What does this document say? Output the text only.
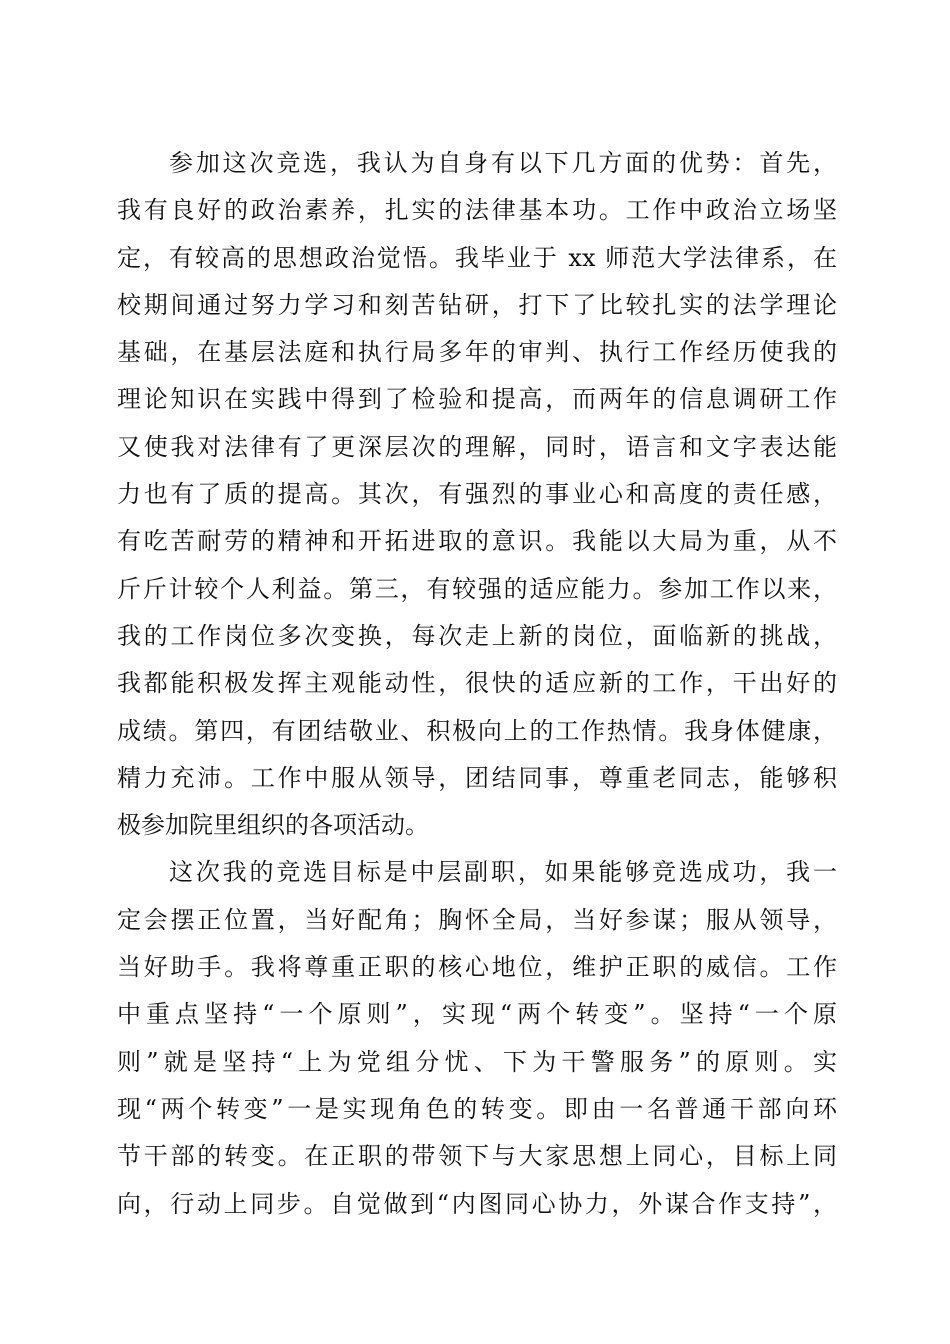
参加这次竞选，我认为自身有以下几方面的优势：首先，
我有良好的政治素养，扎实的法律基本功。工作中政治立场坚
定，有较高的思想政治觉悟。我毕业于 xx 师范大学法律系，在
校期间通过努力学习和刻苦钻研，打下了比较扎实的法学理论
基础，在基层法庭和执行局多年的审判、执行工作经历使我的
理论知识在实践中得到了检验和提高，而两年的信息调研工作
又使我对法律有了更深层次的理解，同时，语言和文字表达能
力也有了质的提高。其次，有强烈的事业心和高度的责任感，
有吃苦耐劳的精神和开拓进取的意识。我能以大局为重，从不
斤斤计较个人利益。第三，有较强的适应能力。参加工作以来，
我的工作岗位多次变换，每次走上新的岗位，面临新的挑战，
我都能积极发挥主观能动性，很快的适应新的工作，干出好的
成绩。第四，有团结敬业、积极向上的工作热情。我身体健康，
精力充沛。工作中服从领导，团结同事，尊重老同志，能够积
极参加院里组织的各项活动。
这次我的竞选目标是中层副职，如果能够竞选成功，我一
定会摆正位置，当好配角；胸怀全局，当好参谋；服从领导，
当好助手。我将尊重正职的核心地位，维护正职的威信。工作
中重点坚持“一个原则”，实现“两个转变”。坚持“一个原
则”就是坚持“上为党组分忧、下为干警服务”的原则。实
现“两个转变”一是实现角色的转变。即由一名普通干部向环
节干部的转变。在正职的带领下与大家思想上同心，目标上同
向，行动上同步。自觉做到“内图同心协力，外谋合作支持”，
